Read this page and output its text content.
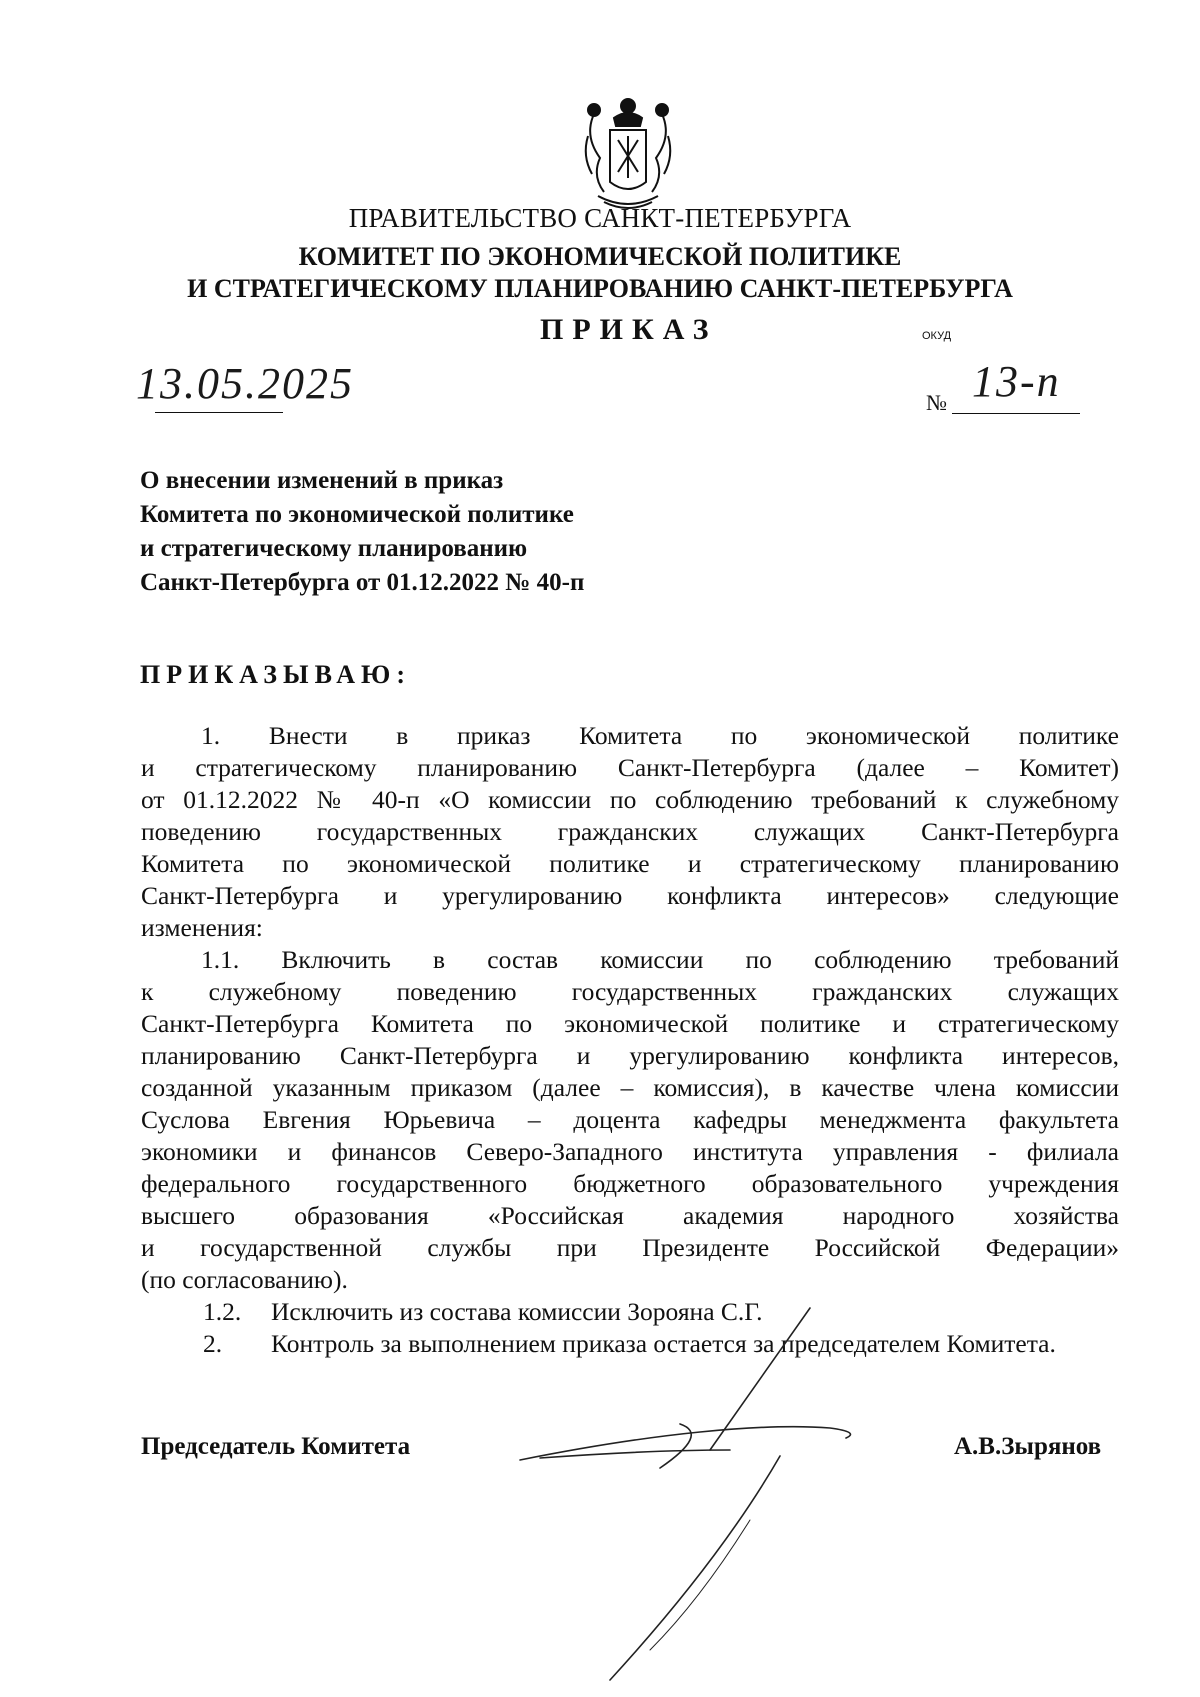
ПРАВИТЕЛЬСТВО САНКТ-ПЕТЕРБУРГА
КОМИТЕТ ПО ЭКОНОМИЧЕСКОЙ ПОЛИТИКЕ
И СТРАТЕГИЧЕСКОМУ ПЛАНИРОВАНИЮ САНКТ-ПЕТЕРБУРГА
ПРИКАЗ	ОКУД
13.05.2025	№ 13-п
О внесении изменений в приказ
Комитета по экономической политике
и стратегическому планированию
Санкт-Петербурга от 01.12.2022 № 40-п
ПРИКАЗЫВАЮ:

1. Внести в приказ Комитета по экономической политике

и стратегическому планированию Санкт-Петербурга (далее – Комитет)

от 01.12.2022 № 40-п «О комиссии по соблюдению требований к служебному

поведению государственных гражданских служащих Санкт-Петербурга

Комитета по экономической политике и стратегическому планированию

Санкт-Петербурга и урегулированию конфликта интересов» следующие

изменения:

1.1. Включить в состав комиссии по соблюдению требований

к служебному поведению государственных гражданских служащих

Санкт-Петербурга Комитета по экономической политике и стратегическому

планированию Санкт-Петербурга и урегулированию конфликта интересов,

созданной указанным приказом (далее – комиссия), в качестве члена комиссии

Суслова Евгения Юрьевича – доцента кафедры менеджмента факультета

экономики и финансов Северо-Западного института управления - филиала

федерального государственного бюджетного образовательного учреждения

высшего образования «Российская академия народного хозяйства

и государственной службы при Президенте Российской Федерации»

(по согласованию).

1.2.	Исключить из состава комиссии Зорояна С.Г.
2.	Контроль за выполнением приказа остается за председателем Комитета.
Председатель Комитета	А.В.Зырянов
